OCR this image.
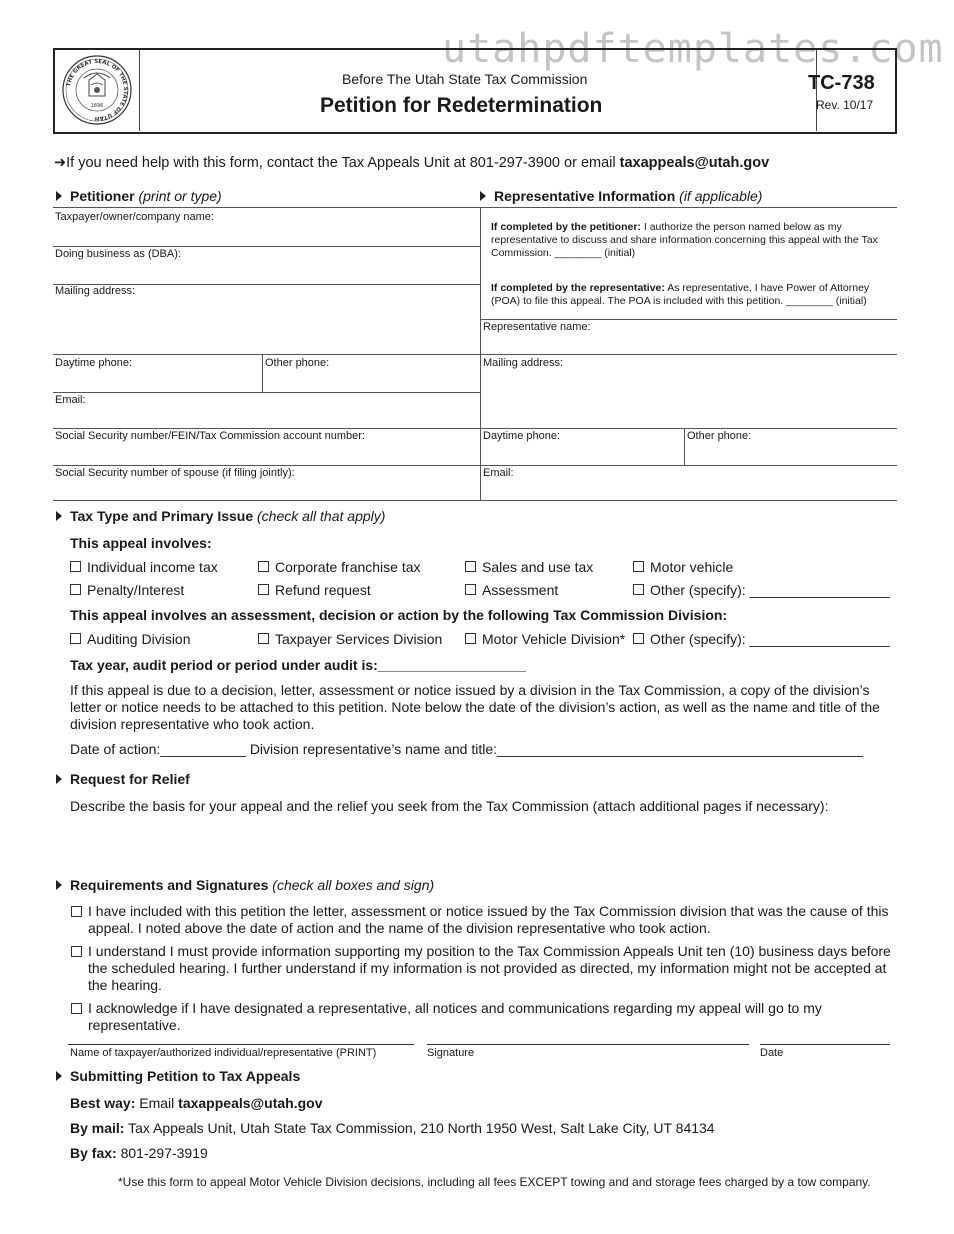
utahpdftemplates.com
THE GREAT SEAL OF THE STATE OF UTAH
1896
Before The Utah State Tax Commission
Petition for Redetermination
TC-738
Rev. 10/17
➜If you need help with this form, contact the Tax Appeals Unit at 801-297-3900 or email taxappeals@utah.gov
Petitioner (print or type)
Taxpayer/owner/company name:
Doing business as (DBA):
Mailing address:
Daytime phone:	Other phone:
Email:
Social Security number/FEIN/Tax Commission account number:
Social Security number of spouse (if filing jointly):
Representative Information (if applicable)
If completed by the petitioner: I authorize the person named below as my representative to discuss and share information concerning this appeal with the Tax Commission. ________ (initial)
If completed by the representative: As representative, I have Power of Attorney (POA) to file this appeal. The POA is included with this petition. ________ (initial)
Representative name:
Mailing address:
Daytime phone:	Other phone:
Email:
Tax Type and Primary Issue (check all that apply)
This appeal involves:
Individual income tax	Corporate franchise tax	Sales and use tax	Motor vehicle
Penalty/Interest	Refund request	Assessment	Other (specify): __________________
This appeal involves an assessment, decision or action by the following Tax Commission Division:
Auditing Division	Taxpayer Services Division	Motor Vehicle Division*	Other (specify): __________________
Tax year, audit period or period under audit is:___________________
If this appeal is due to a decision, letter, assessment or notice issued by a division in the Tax Commission, a copy of the division’s letter or notice needs to be attached to this petition. Note below the date of the division’s action, as well as the name and title of the division representative who took action.
Date of action:___________ Division representative’s name and title:_______________________________________________
Request for Relief
Describe the basis for your appeal and the relief you seek from the Tax Commission (attach additional pages if necessary):
Requirements and Signatures (check all boxes and sign)
I have included with this petition the letter, assessment or notice issued by the Tax Commission division that was the cause of this appeal. I noted above the date of action and the name of the division representative who took action.
I understand I must provide information supporting my position to the Tax Commission Appeals Unit ten (10) business days before the scheduled hearing. I further understand if my information is not provided as directed, my information might not be accepted at the hearing.
I acknowledge if I have designated a representative, all notices and communications regarding my appeal will go to my representative.
Name of taxpayer/authorized individual/representative (PRINT)	Signature	Date
Submitting Petition to Tax Appeals
Best way: Email taxappeals@utah.gov
By mail: Tax Appeals Unit, Utah State Tax Commission, 210 North 1950 West, Salt Lake City, UT 84134
By fax: 801-297-3919
*Use this form to appeal Motor Vehicle Division decisions, including all fees EXCEPT towing and and storage fees charged by a tow company.
